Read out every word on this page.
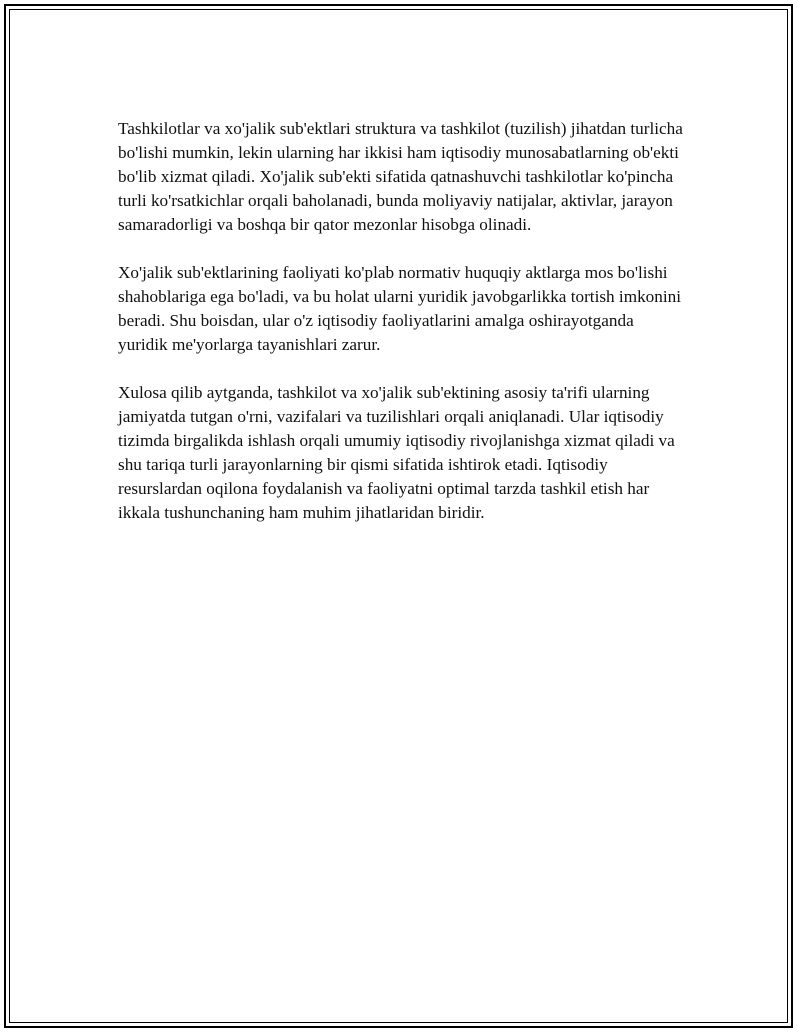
Tashkilotlar va xo'jalik sub'ektlari struktura va tashkilot (tuzilish) jihatdan turlicha bo'lishi mumkin, lekin ularning har ikkisi ham iqtisodiy munosabatlarning ob'ekti bo'lib xizmat qiladi. Xo'jalik sub'ekti sifatida qatnashuvchi tashkilotlar ko'pincha turli ko'rsatkichlar orqali baholanadi, bunda moliyaviy natijalar, aktivlar, jarayon samaradorligi va boshqa bir qator mezonlar hisobga olinadi.

Xo'jalik sub'ektlarining faoliyati ko'plab normativ huquqiy aktlarga mos bo'lishi shahoblariga ega bo'ladi, va bu holat ularni yuridik javobgarlikka tortish imkonini beradi. Shu boisdan, ular o'z iqtisodiy faoliyatlarini amalga oshirayotganda yuridik me'yorlarga tayanishlari zarur.

Xulosa qilib aytganda, tashkilot va xo'jalik sub'ektining asosiy ta'rifi ularning jamiyatda tutgan o'rni, vazifalari va tuzilishlari orqali aniqlanadi. Ular iqtisodiy tizimda birgalikda ishlash orqali umumiy iqtisodiy rivojlanishga xizmat qiladi va shu tariqa turli jarayonlarning bir qismi sifatida ishtirok etadi. Iqtisodiy resurslardan oqilona foydalanish va faoliyatni optimal tarzda tashkil etish har ikkala tushunchaning ham muhim jihatlaridan biridir.
